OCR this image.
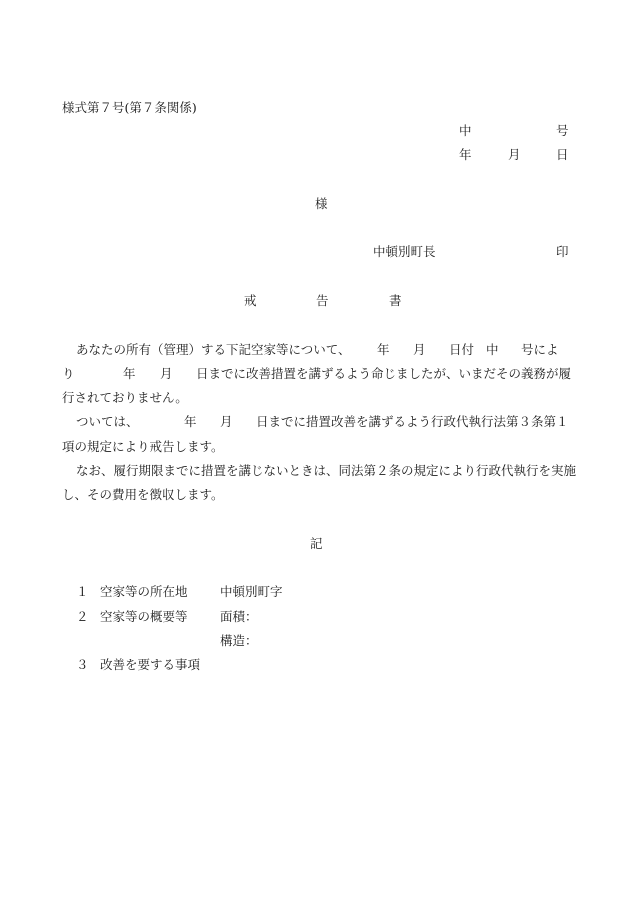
様式第７号(第７条関係)
中	号
年	月	日
様
中頓別町長	印
戒	告	書
あなたの所有（管理）する下記空家等について、 年 月 日付 中 号によ
り	年 月 日までに改善措置を講ずるよう命じましたが、いまだその義務が履
行されておりません。
ついては、	年 月 日までに措置改善を講ずるよう行政代執行法第３条第１
項の規定により戒告します。
なお、履行期限までに措置を講じないときは、同法第２条の規定により行政代執行を実施
し、その費用を徴収します。
記
１ 空家等の所在地	中頓別町字
２ 空家等の概要等	面積：
構造：
３ 改善を要する事項
